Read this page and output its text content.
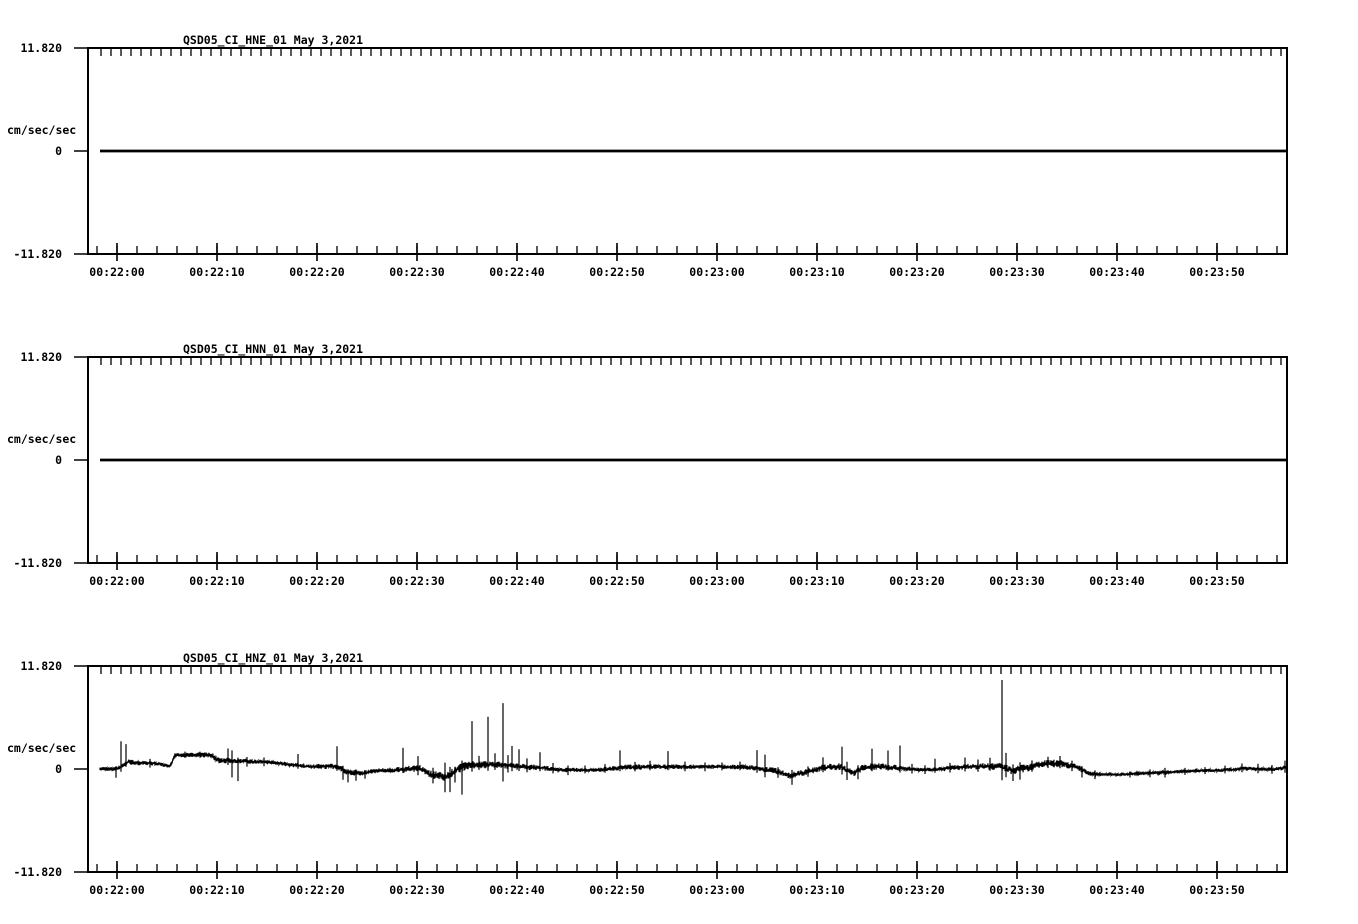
00:22:00	00:22:10	00:22:20	00:22:30	00:22:40	00:22:50	00:23:00	00:23:10	00:23:20	00:23:30	00:23:40	00:23:50
11.820
0
-11.820
QSD05_CI_HNE_01 May 3,2021
cm/sec/sec
00:22:00	00:22:10	00:22:20	00:22:30	00:22:40	00:22:50	00:23:00	00:23:10	00:23:20	00:23:30	00:23:40	00:23:50
11.820
0
-11.820
QSD05_CI_HNN_01 May 3,2021
cm/sec/sec
00:22:00	00:22:10	00:22:20	00:22:30	00:22:40	00:22:50	00:23:00	00:23:10	00:23:20	00:23:30	00:23:40	00:23:50
11.820
0
-11.820
QSD05_CI_HNZ_01 May 3,2021
cm/sec/sec
